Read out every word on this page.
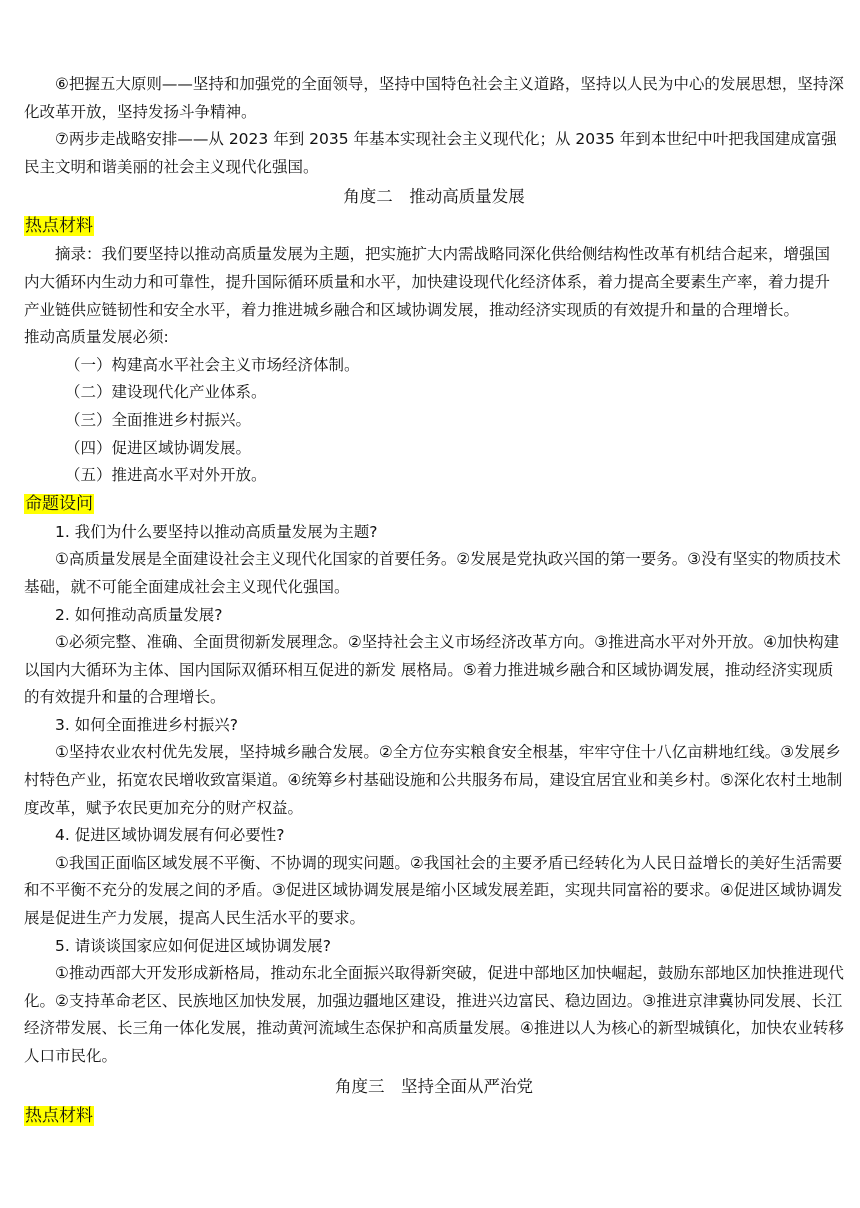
⑥把握五大原则——坚持和加强党的全面领导，坚持中国特色社会主义道路，坚持以人民为中心的发展思想，坚持深化改革开放，坚持发扬斗争精神。

⑦两步走战略安排——从 2023 年到 2035 年基本实现社会主义现代化；从 2035 年到本世纪中叶把我国建成富强民主文明和谐美丽的社会主义现代化强国。

角度二　推动高质量发展

热点材料

摘录：我们要坚持以推动高质量发展为主题，把实施扩大内需战略同深化供给侧结构性改革有机结合起来，增强国内大循环内生动力和可靠性，提升国际循环质量和水平，加快建设现代化经济体系，着力提高全要素生产率，着力提升产业链供应链韧性和安全水平，着力推进城乡融合和区域协调发展，推动经济实现质的有效提升和量的合理增长。

推动高质量发展必须:

（一）构建高水平社会主义市场经济体制。

（二）建设现代化产业体系。

（三）全面推进乡村振兴。

（四）促进区域协调发展。

（五）推进高水平对外开放。

命题设问

1. 我们为什么要坚持以推动高质量发展为主题?

①高质量发展是全面建设社会主义现代化国家的首要任务。②发展是党执政兴国的第一要务。③没有坚实的物质技术基础，就不可能全面建成社会主义现代化强国。

2. 如何推动高质量发展?

①必须完整、准确、全面贯彻新发展理念。②坚持社会主义市场经济改革方向。③推进高水平对外开放。④加快构建以国内大循环为主体、国内国际双循环相互促进的新发 展格局。⑤着力推进城乡融合和区域协调发展，推动经济实现质的有效提升和量的合理增长。

3. 如何全面推进乡村振兴?

①坚持农业农村优先发展，坚持城乡融合发展。②全方位夯实粮食安全根基，牢牢守住十八亿亩耕地红线。③发展乡村特色产业，拓宽农民增收致富渠道。④统筹乡村基础设施和公共服务布局，建设宜居宜业和美乡村。⑤深化农村土地制度改革，赋予农民更加充分的财产权益。

4. 促进区域协调发展有何必要性?

①我国正面临区域发展不平衡、不协调的现实问题。②我国社会的主要矛盾已经转化为人民日益增长的美好生活需要和不平衡不充分的发展之间的矛盾。③促进区域协调发展是缩小区域发展差距，实现共同富裕的要求。④促进区域协调发展是促进生产力发展，提高人民生活水平的要求。

5. 请谈谈国家应如何促进区域协调发展?

①推动西部大开发形成新格局，推动东北全面振兴取得新突破，促进中部地区加快崛起，鼓励东部地区加快推进现代化。②支持革命老区、民族地区加快发展，加强边疆地区建设，推进兴边富民、稳边固边。③推进京津冀协同发展、长江经济带发展、长三角一体化发展，推动黄河流域生态保护和高质量发展。④推进以人为核心的新型城镇化，加快农业转移人口市民化。

角度三　坚持全面从严治党

热点材料
